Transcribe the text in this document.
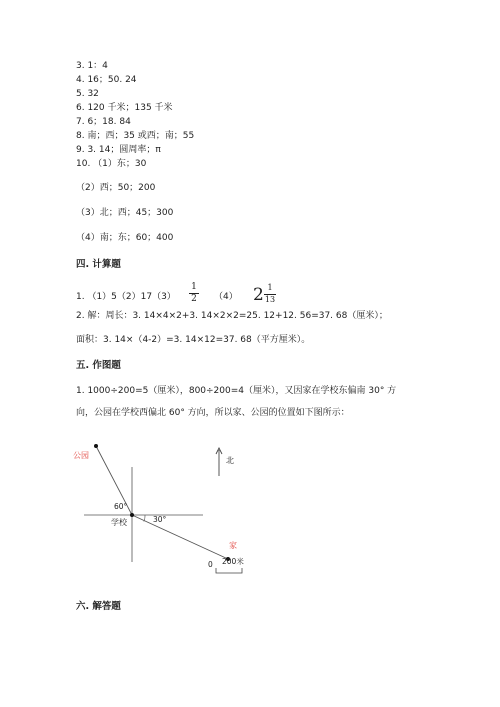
3. 1：4
4. 16；50. 24
5. 32
6. 120 千米；135 千米
7. 6；18. 84
8. 南；西；35 或西；南；55
9. 3. 14；圆周率；π
10. （1）东；30
（2）西；50；200
（3）北；西；45；300
（4）南；东；60；400
四. 计算题
1. $(1)5(2)17(3) \frac{1}{2} (4)$ 2 1
13
2. 解：周长：3. 14×4×2+3. 14×2×2=25. 12+12. 56=37. 68（厘米）；
面积：3. 14×（4-2）=3. 14×12=37. 68（平方厘米）。
五. 作图题
1. 1000÷200=5（厘米），800÷200=4（厘米），又因家在学校东偏南 30° 方
向，公园在学校西偏北 60° 方向，所以家、公园的位置如下图所示：
公园
60°
30°
学校
家
北
0 200米
六. 解答题
